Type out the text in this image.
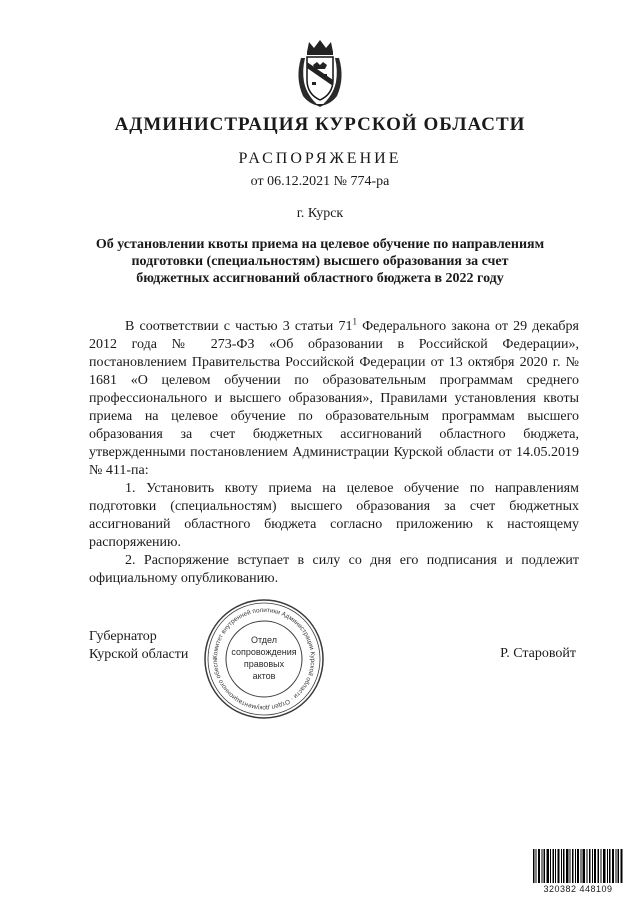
АДМИНИСТРАЦИЯ КУРСКОЙ ОБЛАСТИ
РАСПОРЯЖЕНИЕ
от 06.12.2021 № 774-ра
г. Курск
Об установлении квоты приема на целевое обучение по направлениям
подготовки (специальностям) высшего образования за счет
бюджетных ассигнований областного бюджета в 2022 году

В соответствии с частью 3 статьи $71^1$ Федерального закона от 29 декабря 2012 года № 273-ФЗ «Об образовании в Российской Федерации», постановлением Правительства Российской Федерации от 13 октября 2020 г. № 1681 «О целевом обучении по образовательным программам среднего профессионального и высшего образования», Правилами установления квоты приема на целевое обучение по образовательным программам высшего образования за счет бюджетных ассигнований областного бюджета, утвержденными постановлением Администрации Курской области от 14.05.2019 № 411-па:

1. Установить квоту приема на целевое обучение по направлениям подготовки (специальностям) высшего образования за счет бюджетных ассигнований областного бюджета согласно приложению к настоящему распоряжению.

2. Распоряжение вступает в силу со дня его подписания и подлежит официальному опубликованию.

Губернатор
Курской области	Р. Старовойт
Комитет внутренней политики Администрации Курской области · Отдел документационного обеспе
Отдел
сопровождения
правовых
актов
320382 448109
